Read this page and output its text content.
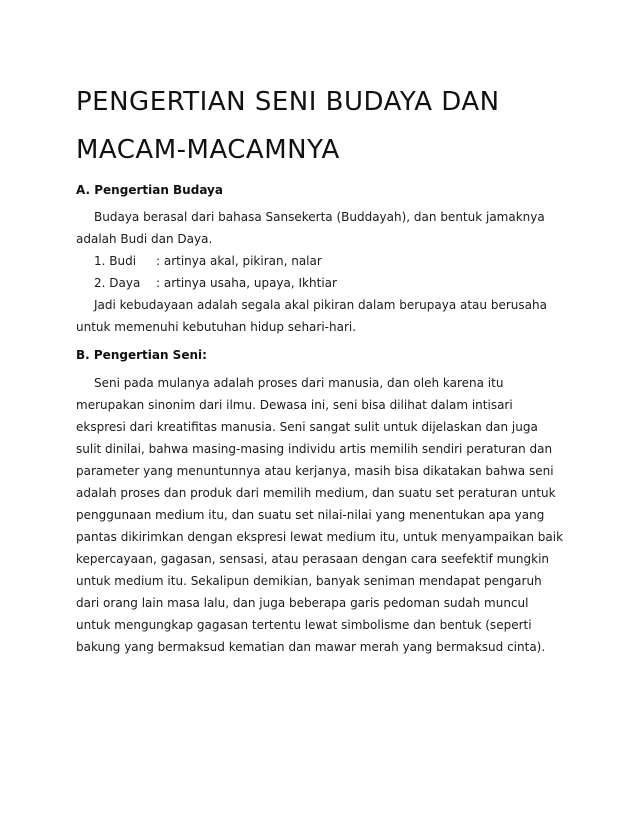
PENGERTIAN SENI BUDAYA DAN
MACAM-MACAMNYA
A. Pengertian Budaya

Budaya berasal dari bahasa Sansekerta (Buddayah), dan bentuk jamaknya adalah Budi dan Daya.

1. Budi : artinya akal, pikiran, nalar
2. Daya : artinya usaha, upaya, Ikhtiar

Jadi kebudayaan adalah segala akal pikiran dalam berupaya atau berusaha untuk memenuhi kebutuhan hidup sehari-hari.

B. Pengertian Seni:

Seni pada mulanya adalah proses dari manusia, dan oleh karena itu merupakan sinonim dari ilmu. Dewasa ini, seni bisa dilihat dalam intisari ekspresi dari kreatifitas manusia. Seni sangat sulit untuk dijelaskan dan juga sulit dinilai, bahwa masing-masing individu artis memilih sendiri peraturan dan parameter yang menuntunnya atau kerjanya, masih bisa dikatakan bahwa seni adalah proses dan produk dari memilih medium, dan suatu set peraturan untuk penggunaan medium itu, dan suatu set nilai-nilai yang menentukan apa yang pantas dikirimkan dengan ekspresi lewat medium itu, untuk menyampaikan baik kepercayaan, gagasan, sensasi, atau perasaan dengan cara seefektif mungkin untuk medium itu. Sekalipun demikian, banyak seniman mendapat pengaruh dari orang lain masa lalu, dan juga beberapa garis pedoman sudah muncul untuk mengungkap gagasan tertentu lewat simbolisme dan bentuk (seperti bakung yang bermaksud kematian dan mawar merah yang bermaksud cinta).
